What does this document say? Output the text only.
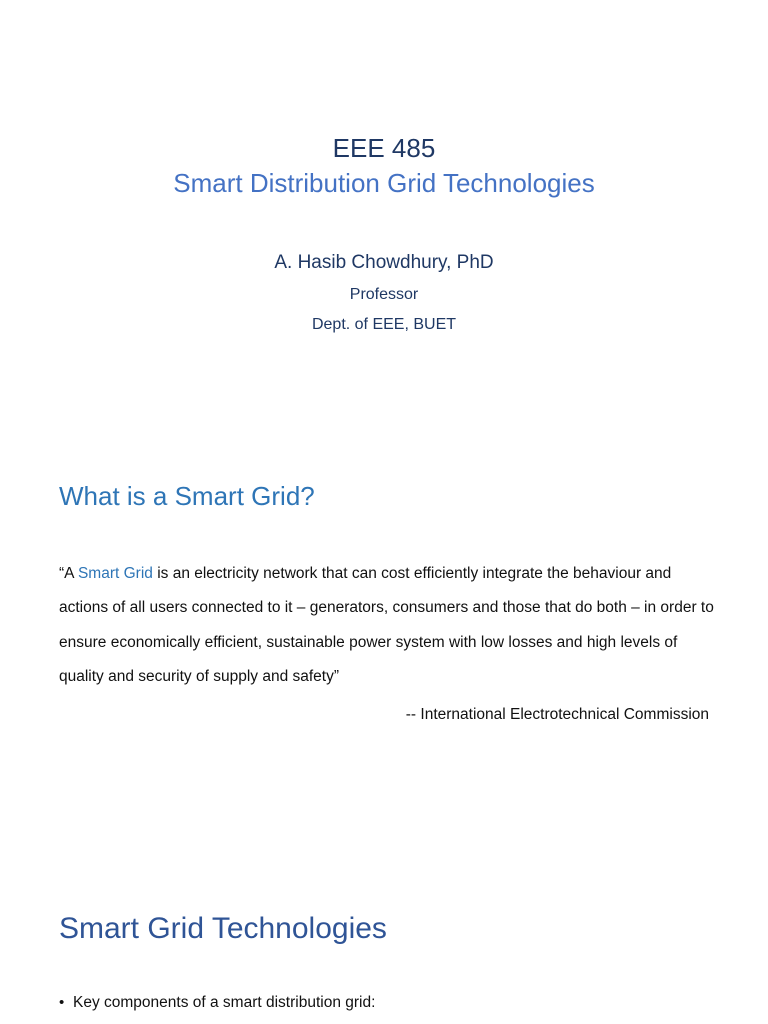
EEE 485

Smart Distribution Grid Technologies

A. Hasib Chowdhury, PhD
Professor
Dept. of EEE, BUET
What is a Smart Grid?

“A Smart Grid is an electricity network that can cost efficiently integrate the behaviour and actions of all users connected to it – generators, consumers and those that do both – in order to ensure economically efficient, sustainable power system with low losses and high levels of quality and security of supply and safety”

-- International Electrotechnical Commission

Smart Grid Technologies
• Key components of a smart distribution grid:
